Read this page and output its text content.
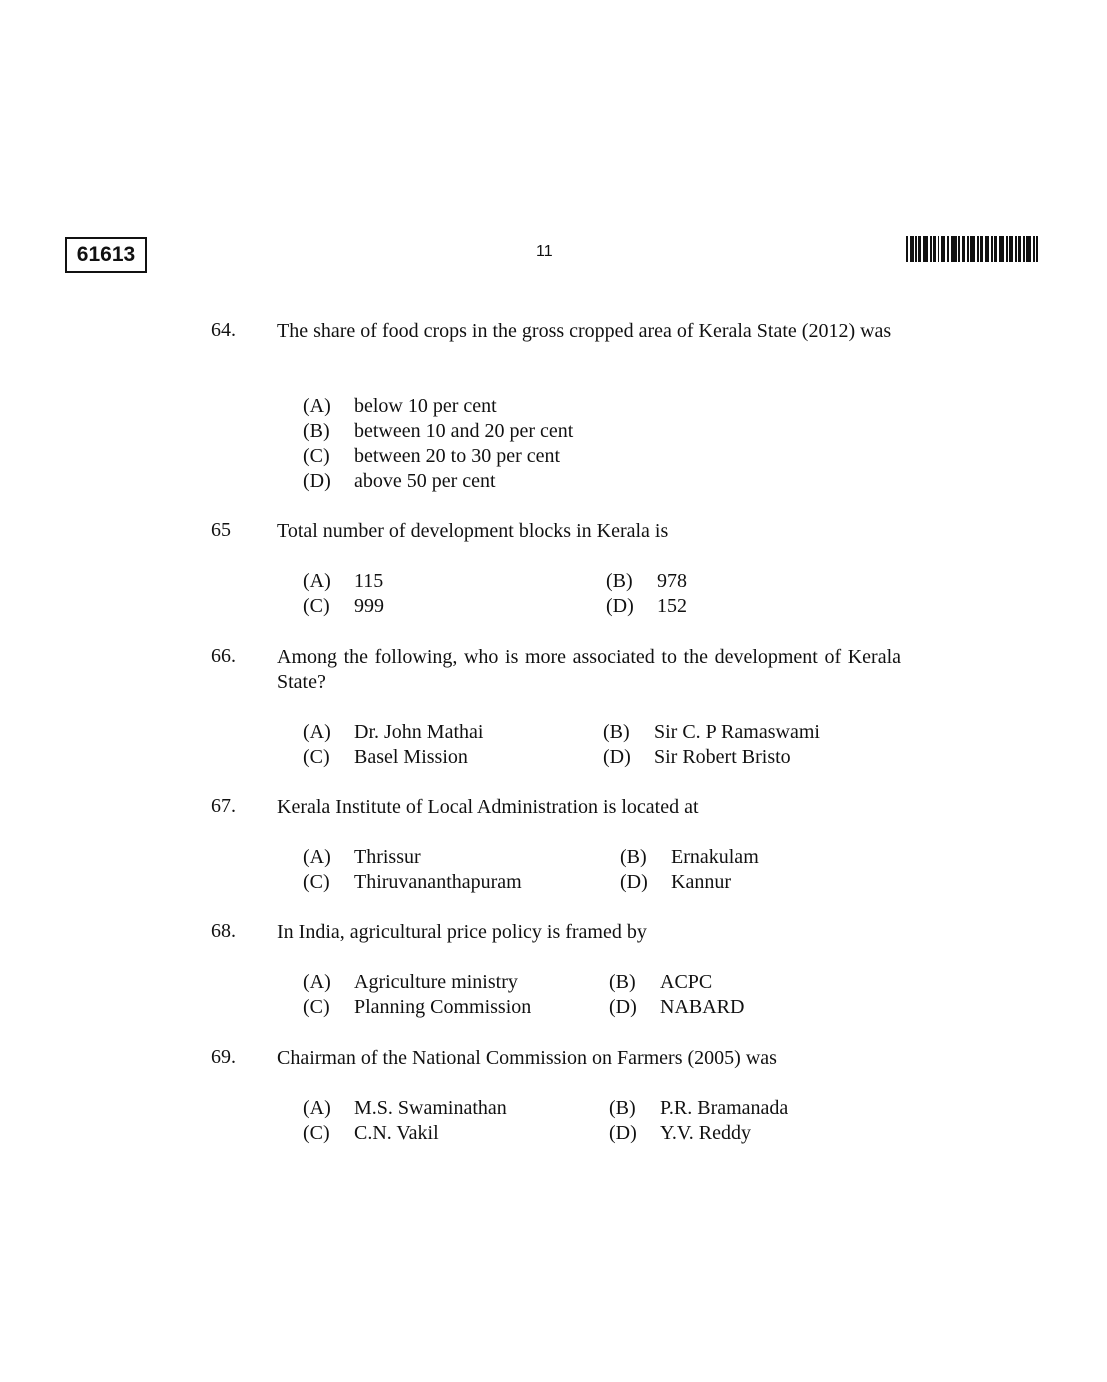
61613	11
64. The share of food crops in the gross cropped area of Kerala State (2012) was
(A) below 10 per cent
(B) between 10 and 20 per cent
(C) between 20 to 30 per cent
(D) above 50 per cent
65 Total number of development blocks in Kerala is
(A) 115	(B) 978
(C) 999	(D) 152
66. Among the following, who is more associated to the development of Kerala State?
(A) Dr. John Mathai	(B) Sir C. P Ramaswami
(C) Basel Mission	(D) Sir Robert Bristo
67. Kerala Institute of Local Administration is located at
(A) Thrissur	(B) Ernakulam
(C) Thiruvananthapuram	(D) Kannur
68. In India, agricultural price policy is framed by
(A) Agriculture ministry	(B) ACPC
(C) Planning Commission	(D) NABARD
69. Chairman of the National Commission on Farmers (2005) was
(A) M.S. Swaminathan	(B) P.R. Bramanada
(C) C.N. Vakil	(D) Y.V. Reddy
